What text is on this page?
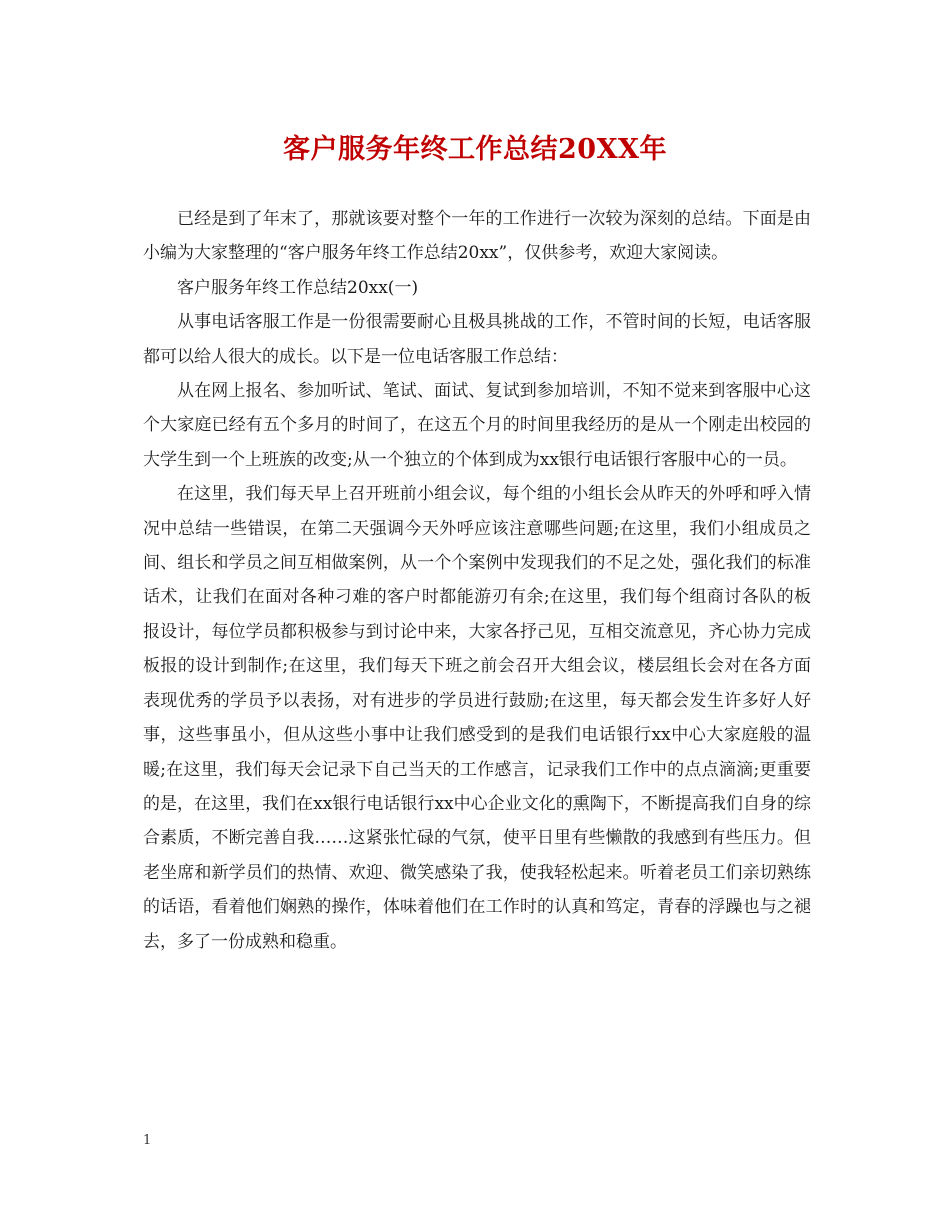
客户服务年终工作总结20XX年

已经是到了年末了，那就该要对整个一年的工作进行一次较为深刻的总结。下面是由小编为大家整理的“客户服务年终工作总结20xx”，仅供参考，欢迎大家阅读。

客户服务年终工作总结20xx(一)

从事电话客服工作是一份很需要耐心且极具挑战的工作，不管时间的长短，电话客服都可以给人很大的成长。以下是一位电话客服工作总结：

从在网上报名、参加听试、笔试、面试、复试到参加培训，不知不觉来到客服中心这个大家庭已经有五个多月的时间了，在这五个月的时间里我经历的是从一个刚走出校园的大学生到一个上班族的改变;从一个独立的个体到成为xx银行电话银行客服中心的一员。

在这里，我们每天早上召开班前小组会议，每个组的小组长会从昨天的外呼和呼入情况中总结一些错误，在第二天强调今天外呼应该注意哪些问题;在这里，我们小组成员之间、组长和学员之间互相做案例，从一个个案例中发现我们的不足之处，强化我们的标准话术，让我们在面对各种刁难的客户时都能游刃有余;在这里，我们每个组商讨各队的板报设计，每位学员都积极参与到讨论中来，大家各抒己见，互相交流意见，齐心协力完成板报的设计到制作;在这里，我们每天下班之前会召开大组会议，楼层组长会对在各方面表现优秀的学员予以表扬，对有进步的学员进行鼓励;在这里，每天都会发生许多好人好事，这些事虽小，但从这些小事中让我们感受到的是我们电话银行xx中心大家庭般的温暖;在这里，我们每天会记录下自己当天的工作感言，记录我们工作中的点点滴滴;更重要的是，在这里，我们在xx银行电话银行xx中心企业文化的熏陶下，不断提高我们自身的综合素质，不断完善自我……这紧张忙碌的气氛，使平日里有些懒散的我感到有些压力。但老坐席和新学员们的热情、欢迎、微笑感染了我，使我轻松起来。听着老员工们亲切熟练的话语，看着他们娴熟的操作，体味着他们在工作时的认真和笃定，青春的浮躁也与之褪去，多了一份成熟和稳重。

1
